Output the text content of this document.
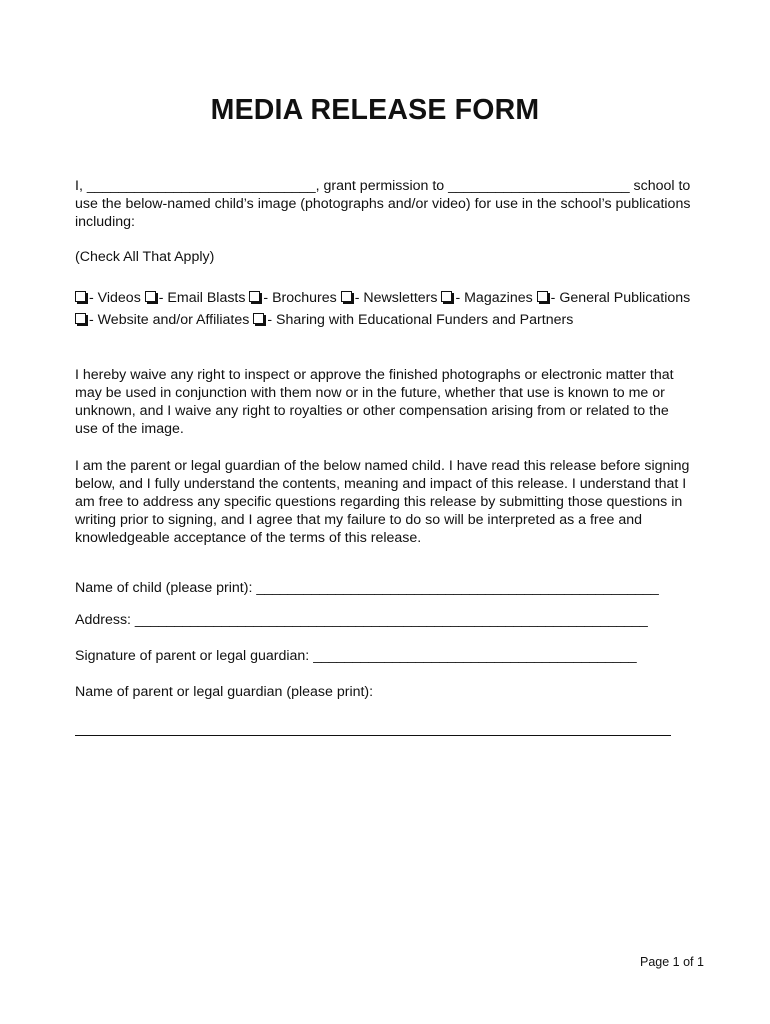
MEDIA RELEASE FORM

I, _____________________________, grant permission to _______________________ school to use the below-named child’s image (photographs and/or video) for use in the school’s publications including:

(Check All That Apply)

- Videos - Email Blasts - Brochures - Newsletters - Magazines - General Publications - Website and/or Affiliates - Sharing with Educational Funders and Partners

I hereby waive any right to inspect or approve the finished photographs or electronic matter that may be used in conjunction with them now or in the future, whether that use is known to me or unknown, and I waive any right to royalties or other compensation arising from or related to the use of the image.

I am the parent or legal guardian of the below named child. I have read this release before signing below, and I fully understand the contents, meaning and impact of this release. I understand that I am free to address any specific questions regarding this release by submitting those questions in writing prior to signing, and I agree that my failure to do so will be interpreted as a free and knowledgeable acceptance of the terms of this release.

Name of child (please print): ___________________________________________________

Address: _________________________________________________________________

Signature of parent or legal guardian: _________________________________________

Name of parent or legal guardian (please print):

Page 1 of 1
